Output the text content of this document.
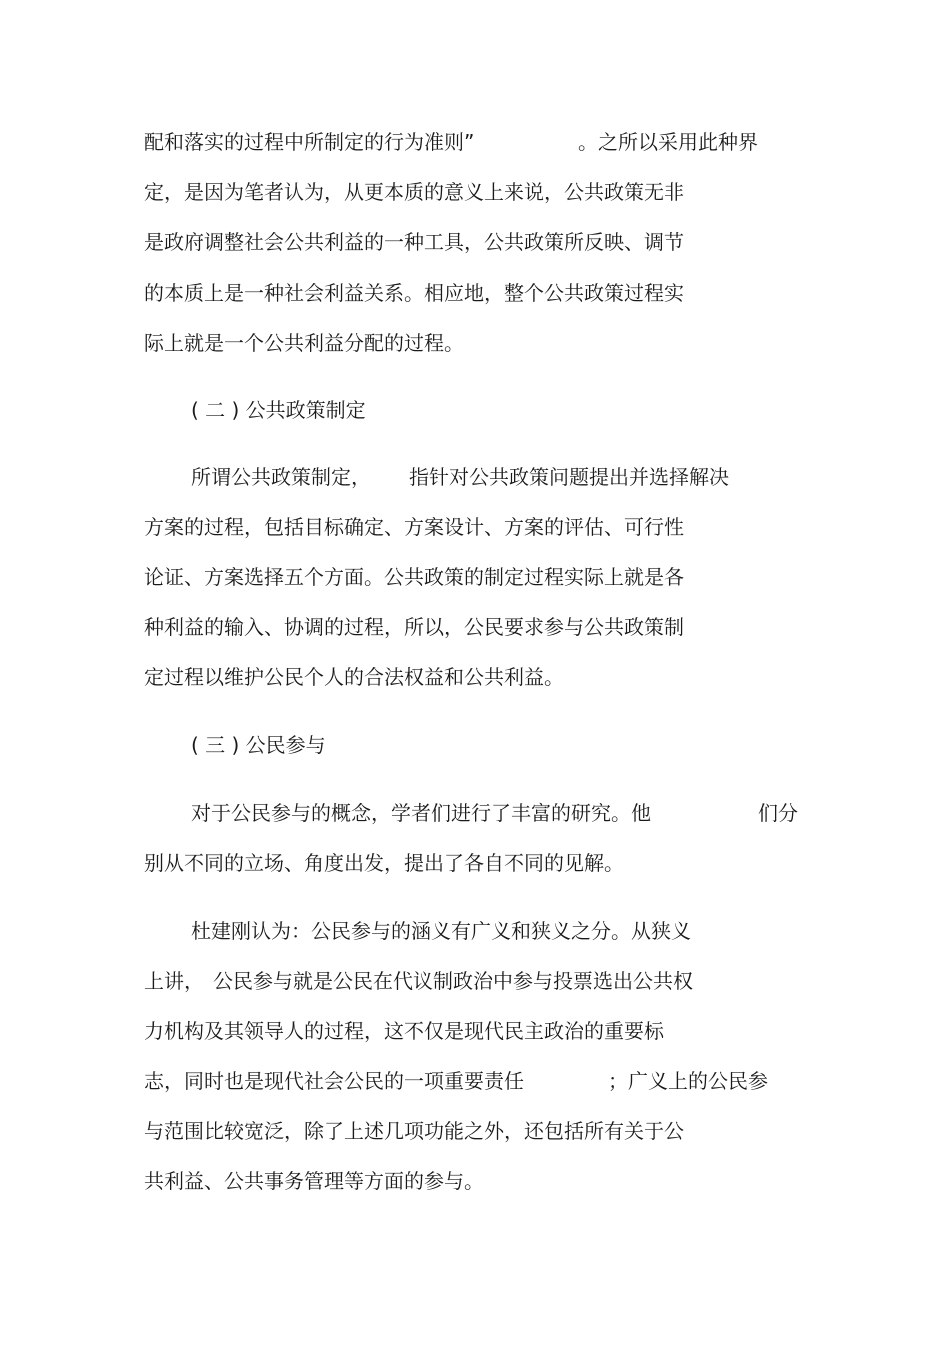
配和落实的过程中所制定的行为准则”	。之所以采用此种界
定，是因为笔者认为，从更本质的意义上来说，公共政策无非
是政府调整社会公共利益的一种工具，公共政策所反映、调节
的本质上是一种社会利益关系。相应地，整个公共政策过程实
际上就是一个公共利益分配的过程。
( 二 ) 公共政策制定
所谓公共政策制定， 指针对公共政策问题提出并选择解决
方案的过程，包括目标确定、方案设计、方案的评估、可行性
论证、方案选择五个方面。公共政策的制定过程实际上就是各
种利益的输入、协调的过程，所以，公民要求参与公共政策制
定过程以维护公民个人的合法权益和公共利益。
( 三 ) 公民参与
对于公民参与的概念，学者们进行了丰富的研究。他	们分
别从不同的立场、角度出发，提出了各自不同的见解。
杜建刚认为：公民参与的涵义有广义和狭义之分。从狭义
上讲， 公民参与就是公民在代议制政治中参与投票选出公共权
力机构及其领导人的过程，这不仅是现代民主政治的重要标
志，同时也是现代社会公民的一项重要责任	；广义上的公民参
与范围比较宽泛，除了上述几项功能之外，还包括所有关于公
共利益、公共事务管理等方面的参与。
